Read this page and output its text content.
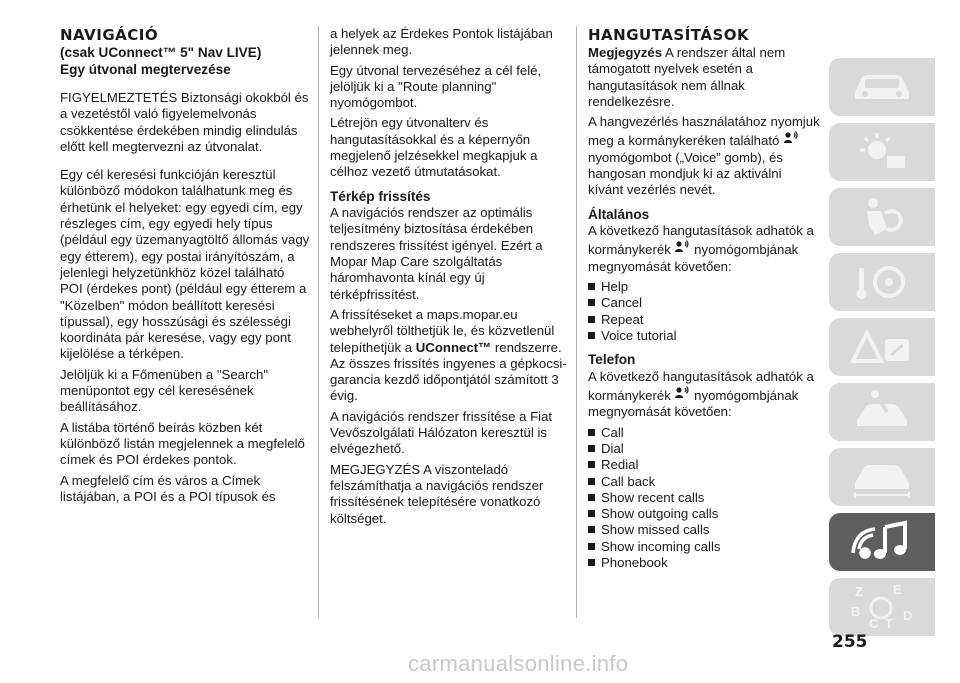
NAVIGÁCIÓ
(csak UConnect™ 5" Nav LIVE)
Egy útvonal megtervezése

FIGYELMEZTETÉS Biztonsági okokból és a vezetéstől való figyelemelvonás csökkentése érdekében mindig elindulás előtt kell megtervezni az útvonalat.

Egy cél keresési funkcióján keresztül különböző módokon találhatunk meg és érhetünk el helyeket: egy egyedi cím, egy részleges cím, egy egyedi hely típus (például egy üzemanyagtöltő állomás vagy egy étterem), egy postai irányítószám, a jelenlegi helyzetünkhöz közel található POI (érdekes pont) (például egy étterem a "Közelben" módon beállított keresési típussal), egy hosszúsági és szélességi koordináta pár keresése, vagy egy pont kijelölése a térképen.

Jelöljük ki a Főmenüben a "Search" menüpontot egy cél keresésének beállításához.

A listába történő beírás közben két különböző listán megjelennek a megfelelő címek és POI érdekes pontok.

A megfelelő cím és város a Címek listájában, a POI és a POI típusok és

a helyek az Érdekes Pontok listájában jelennek meg.

Egy útvonal tervezéséhez a cél felé, jelöljük ki a "Route planning" nyomógombot.

Létrejön egy útvonalterv és hangutasításokkal és a képernyőn megjelenő jelzésekkel megkapjuk a célhoz vezető útmutatásokat.

Térkép frissítés

A navigációs rendszer az optimális teljesítmény biztosítása érdekében rendszeres frissítést igényel. Ezért a Mopar Map Care szolgáltatás háromhavonta kínál egy új térképfrissítést.

A frissítéseket a maps.mopar.eu webhelyről tölthetjük le, és közvetlenül telepíthetjük a UConnect™ rendszerre. Az összes frissítés ingyenes a gépkocsi-garancia kezdő időpontjától számított 3 évig.

A navigációs rendszer frissítése a Fiat Vevőszolgálati Hálózaton keresztül is elvégezhető.

MEGJEGYZÉS A viszonteladó felszámíthatja a navigációs rendszer frissítésének telepítésére vonatkozó költséget.

HANGUTASÍTÁSOK

Megjegyzés A rendszer által nem támogatott nyelvek esetén a hangutasítások nem állnak rendelkezésre.

A hangvezérlés használatához nyomjuk meg a kormánykeréken található  nyomógombot („Voice” gomb), és hangosan mondjuk ki az aktiválni kívánt vezérlés nevét.

Általános

A következő hangutasítások adhatók a kormánykerék  nyomógombjának megnyomását követően:

Help
Cancel
Repeat
Voice tutorial
Telefon

A következő hangutasítások adhatók a kormánykerék  nyomógombjának megnyomását követően:

Call
Dial
Redial
Call back
Show recent calls
Show outgoing calls
Show missed calls
Show incoming calls
Phonebook
Z E
B
C T
D
255
carmanualsonline.info
